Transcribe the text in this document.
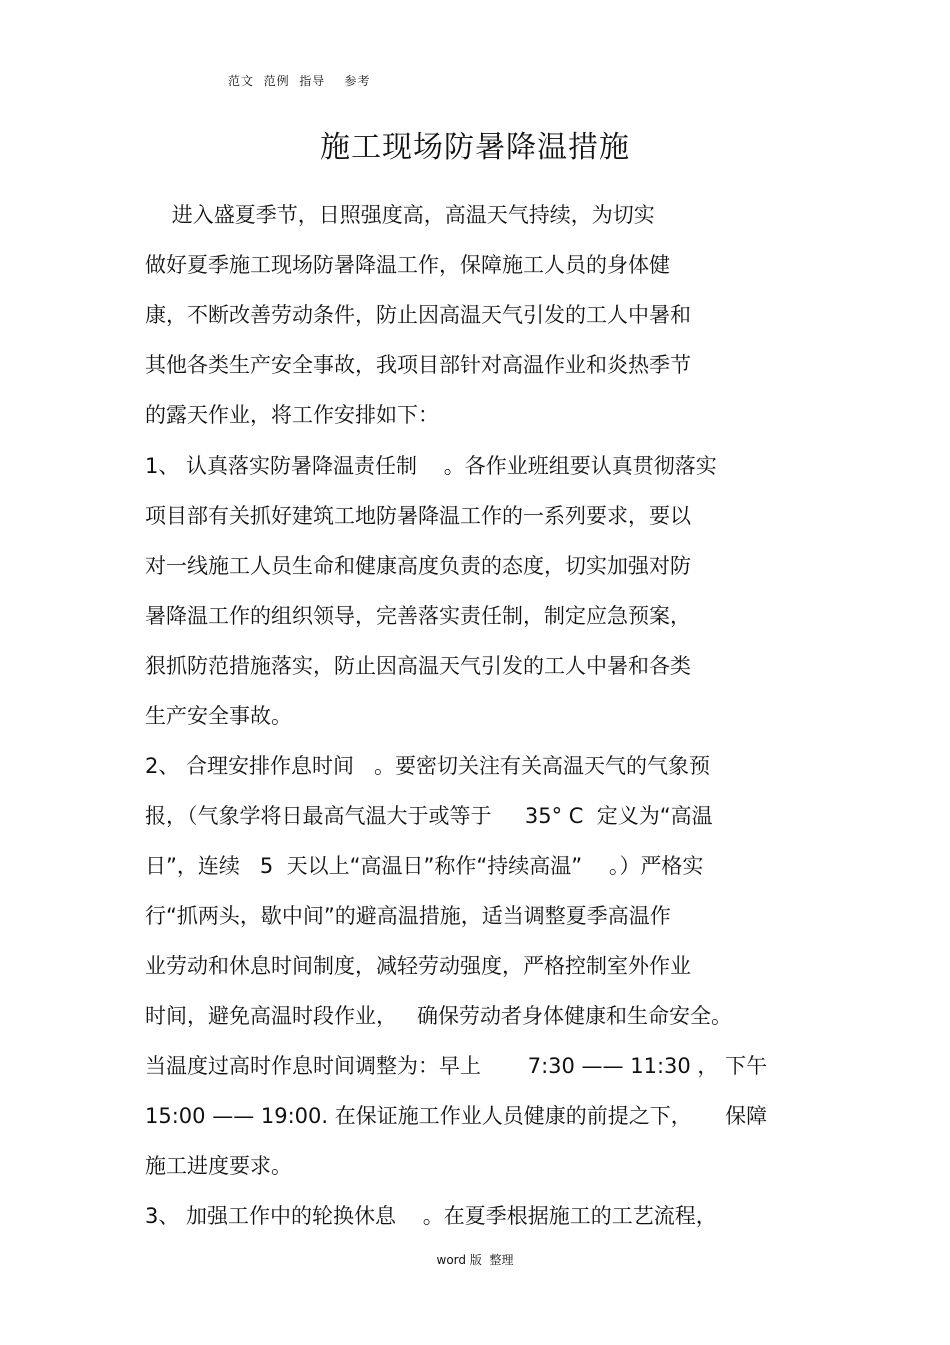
范文  范例  指导    参考
施工现场防暑降温措施
进入盛夏季节，日照强度高，高温天气持续，为切实
做好夏季施工现场防暑降温工作，保障施工人员的身体健
康，不断改善劳动条件，防止因高温天气引发的工人中暑和
其他各类生产安全事故，我项目部针对高温作业和炎热季节
的露天作业，将工作安排如下：
1、 认真落实防暑降温责任制    。各作业班组要认真贯彻落实
项目部有关抓好建筑工地防暑降温工作的一系列要求，要以
对一线施工人员生命和健康高度负责的态度，切实加强对防
暑降温工作的组织领导，完善落实责任制，制定应急预案，
狠抓防范措施落实，防止因高温天气引发的工人中暑和各类
生产安全事故。
2、 合理安排作息时间   。要密切关注有关高温天气的气象预
报，（气象学将日最高气温大于或等于     35° C  定义为“高温
日”，连续   5  天以上“高温日”称作“持续高温”    。）严格实
行“抓两头，歇中间”的避高温措施，适当调整夏季高温作
业劳动和休息时间制度，减轻劳动强度，严格控制室外作业
时间，避免高温时段作业，   确保劳动者身体健康和生命安全。
当温度过高时作息时间调整为：早上       7:30 —— 11:30 ， 下午
15:00 —— 19:00. 在保证施工作业人员健康的前提之下，     保障
施工进度要求。
3、 加强工作中的轮换休息    。在夏季根据施工的工艺流程，
word 版  整理
